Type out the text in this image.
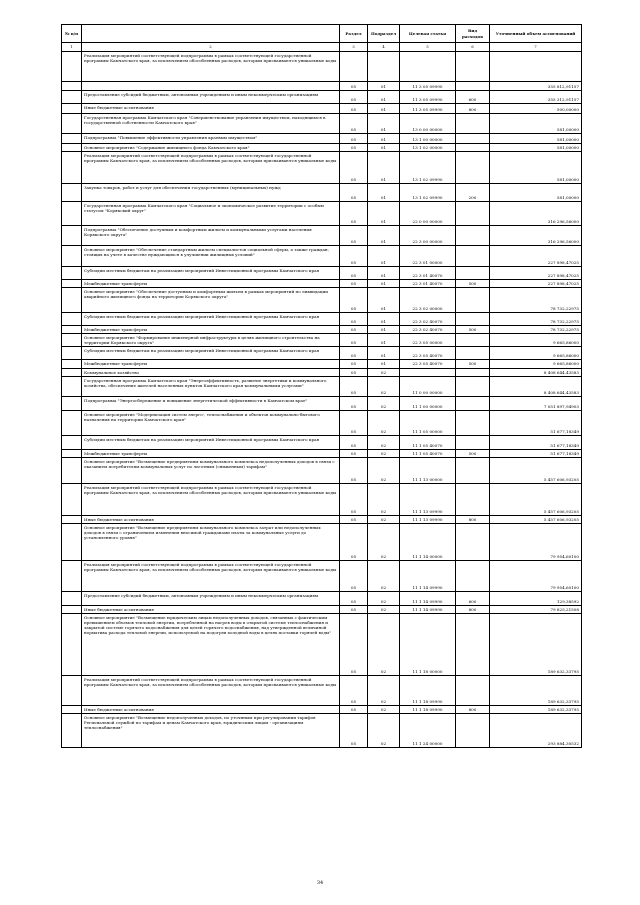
№ п/п		Раздел	Подраздел	Целевая статья	Вид расходов	Уточненный объем ассигнований
1	2	3	4	5	6	7
	Реализация мероприятий соответствующей подпрограммы в рамках соответствующей государственной программы Камчатского края, за исключением обособленных расходов, которым присваиваются уникальные коды					
		05	01	11 3 05 09990		355 812,91157
	Предоставление субсидий бюджетным, автономным учреждениям и иным некоммерческим организациям	05	01	11 3 05 09990	600	355 312,91157
	Иные бюджетные ассигнования	05	01	11 3 05 09990	800	500,00000
	Государственная программа Камчатского края "Совершенствование управления имуществом, находящимся в государственной собственности Камчатского края"	05	01	13 0 00 00000		581,00000
	Подпрограмма "Повышение эффективности управления краевым имуществом"	05	01	13 1 00 00000		581,00000
	Основное мероприятие "Содержание жилищного фонда Камчатского края"	05	01	13 1 02 00000		581,00000
	Реализация мероприятий соответствующей подпрограммы в рамках соответствующей государственной программы Камчатского края, за исключением обособленных расходов, которым присваиваются уникальные коды	05	01	13 1 02 09990		581,00000
	Закупка товаров, работ и услуг для обеспечения государственных (муниципальных) нужд	05	01	13 1 02 09990	200	581,00000
	Государственная программа Камчатского края "Социальное и экономическое развитие территории с особым статусом "Корякский округ"	05	01	22 0 00 00000		316 296,56000
	Подпрограмма "Обеспечение доступным и комфортным жильем и коммунальными услугами населения Корякского округа"	05	01	22 3 00 00000		316 296,56000
	Основное мероприятие "Обеспечение стандартным жильем специалистов социальной сферы, а также граждан, стоящих на учете в качестве нуждающихся в улучшении жилищных условий"	05	01	22 3 01 00000		227 898,47025
	Субсидии местным бюджетам на реализацию мероприятий Инвестиционной программы Камчатского края	05	01	22 3 01 40070		227 898,47025
	Межбюджетные трансферты	05	01	22 3 01 40070	500	227 898,47025
	Основное мероприятие "Обеспечение доступным и комфортным жильем в рамках мероприятий по ликвидации аварийного жилищного фонда на территории Корякского округа"	05	01	22 3 02 00000		78 732,22975
	Субсидии местным бюджетам на реализацию мероприятий Инвестиционной программы Камчатского края	05	01	22 3 02 40070		78 732,22975
	Межбюджетные трансферты	05	01	22 3 02 40070	500	78 732,22975
	Основное мероприятие "Формирование инженерной инфраструктуры в целях жилищного строительства на территории Корякского округа"	05	01	22 3 05 00000		9 665,86000
	Субсидии местным бюджетам на реализацию мероприятий Инвестиционной программы Камчатского края	05	01	22 3 05 40070		9 665,86000
	Межбюджетные трансферты	05	01	22 3 05 40070	500	9 665,86000
	Коммунальное хозяйство	05	02			8 408 644,43583
	Государственная программа Камчатского края "Энергоэффективность, развитие энергетики и коммунального хозяйства, обеспечение жителей населенных пунктов Камчатского края коммунальными услугами"	05	02	11 0 00 00000		8 408 644,43583
	Подпрограмма "Энергосбережение и повышение энергетической эффективности в Камчатском крае"	05	02	11 1 00 00000		7 051 897,94903
	Основное мероприятие "Модернизация систем энерго-, теплоснабжения и объектов коммунально-бытового назначения на территории Камчатского края"	05	02	11 1 05 00000		51 677,18349
	Субсидии местным бюджетам на реализацию мероприятий Инвестиционной программы Камчатского края	05	02	11 1 05 40070		51 677,18349
	Межбюджетные трансферты	05	02	11 1 05 40070	500	51 677,18349
	Основное мероприятие "Возмещение предприятиям коммунального комплекса недополученных доходов в связи с оказанием потребителям коммунальных услуг по льготным (сниженным) тарифам"	05	02	11 1 13 00000		5 457 606,93205
	Реализация мероприятий соответствующей подпрограммы в рамках соответствующей государственной программы Камчатского края, за исключением обособленных расходов, которым присваиваются уникальные коды	05	02	11 1 13 09990		5 457 606,93205
	Иные бюджетные ассигнования	05	02	11 1 13 09990	800	5 457 606,93205
	Основное мероприятие "Возмещение предприятиям коммунального комплекса затрат или недополученных доходов в связи с ограничением изменения вносимой гражданами платы за коммунальные услуги до установленного уровня"	05	02	11 1 14 00000		79 954,60100
	Реализация мероприятий соответствующей подпрограммы в рамках соответствующей государственной программы Камчатского края, за исключением обособленных расходов, которым присваиваются уникальные коды	05	02	11 1 14 09990		79 954,60100
	Предоставление субсидий бюджетным, автономным учреждениям и иным некоммерческим организациям	05	02	11 1 14 09990	600	129,38592
	Иные бюджетные ассигнования	05	02	11 1 14 09990	800	79 825,21508
	Основное мероприятие "Возмещение юридическим лицам недополученных доходов, связанных с фактическим превышением объемов тепловой энергии, потребленной на нагрев воды в открытой системе теплоснабжения и закрытой системе горячего водоснабжения для целей горячего водоснабжения, над утвержденной величиной норматива расхода тепловой энергии, используемой на подогрев холодной воды в целях поставки горячей воды"	05	02	11 1 18 00000		189 632,33795
	Реализация мероприятий соответствующей подпрограммы в рамках соответствующей государственной программы Камчатского края, за исключением обособленных расходов, которым присваиваются уникальные коды	05	02	11 1 18 09990		189 632,33795
	Иные бюджетные ассигнования	05	02	11 1 18 09990	800	189 632,33795
	Основное мероприятие "Возмещение недополученных доходов, по уточнным при регулировании тарифов Региональной службой по тарифам и ценам Камчатского края, юридическим лицам - организациям теплоснабжения"	05	02	11 1 24 00000		293 884,30532
34
